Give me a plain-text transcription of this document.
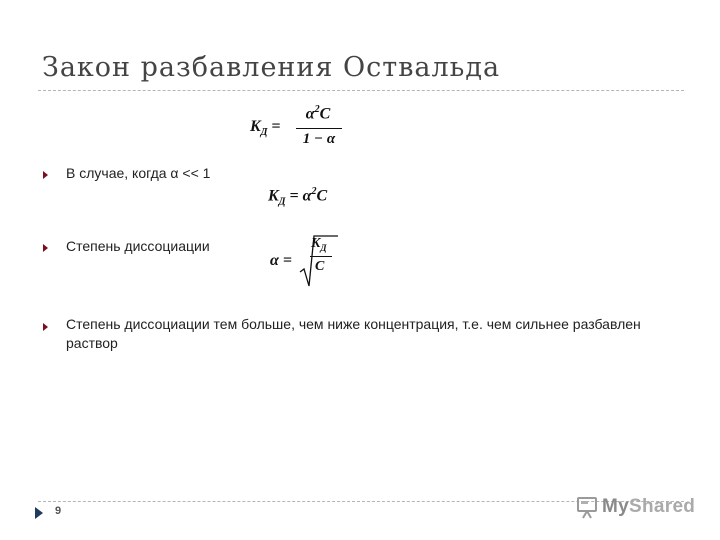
Закон разбавления Оствальда
$K_Д$ =
$\alpha^2C$
1 − α
В случае, когда α << 1
$K_Д = \alpha^2C$
Степень диссоциации
α =
$K_Д$
C
Степень диссоциации тем больше, чем ниже концентрация, т.е. чем сильнее разбавлен
раствор
9	MyShared
